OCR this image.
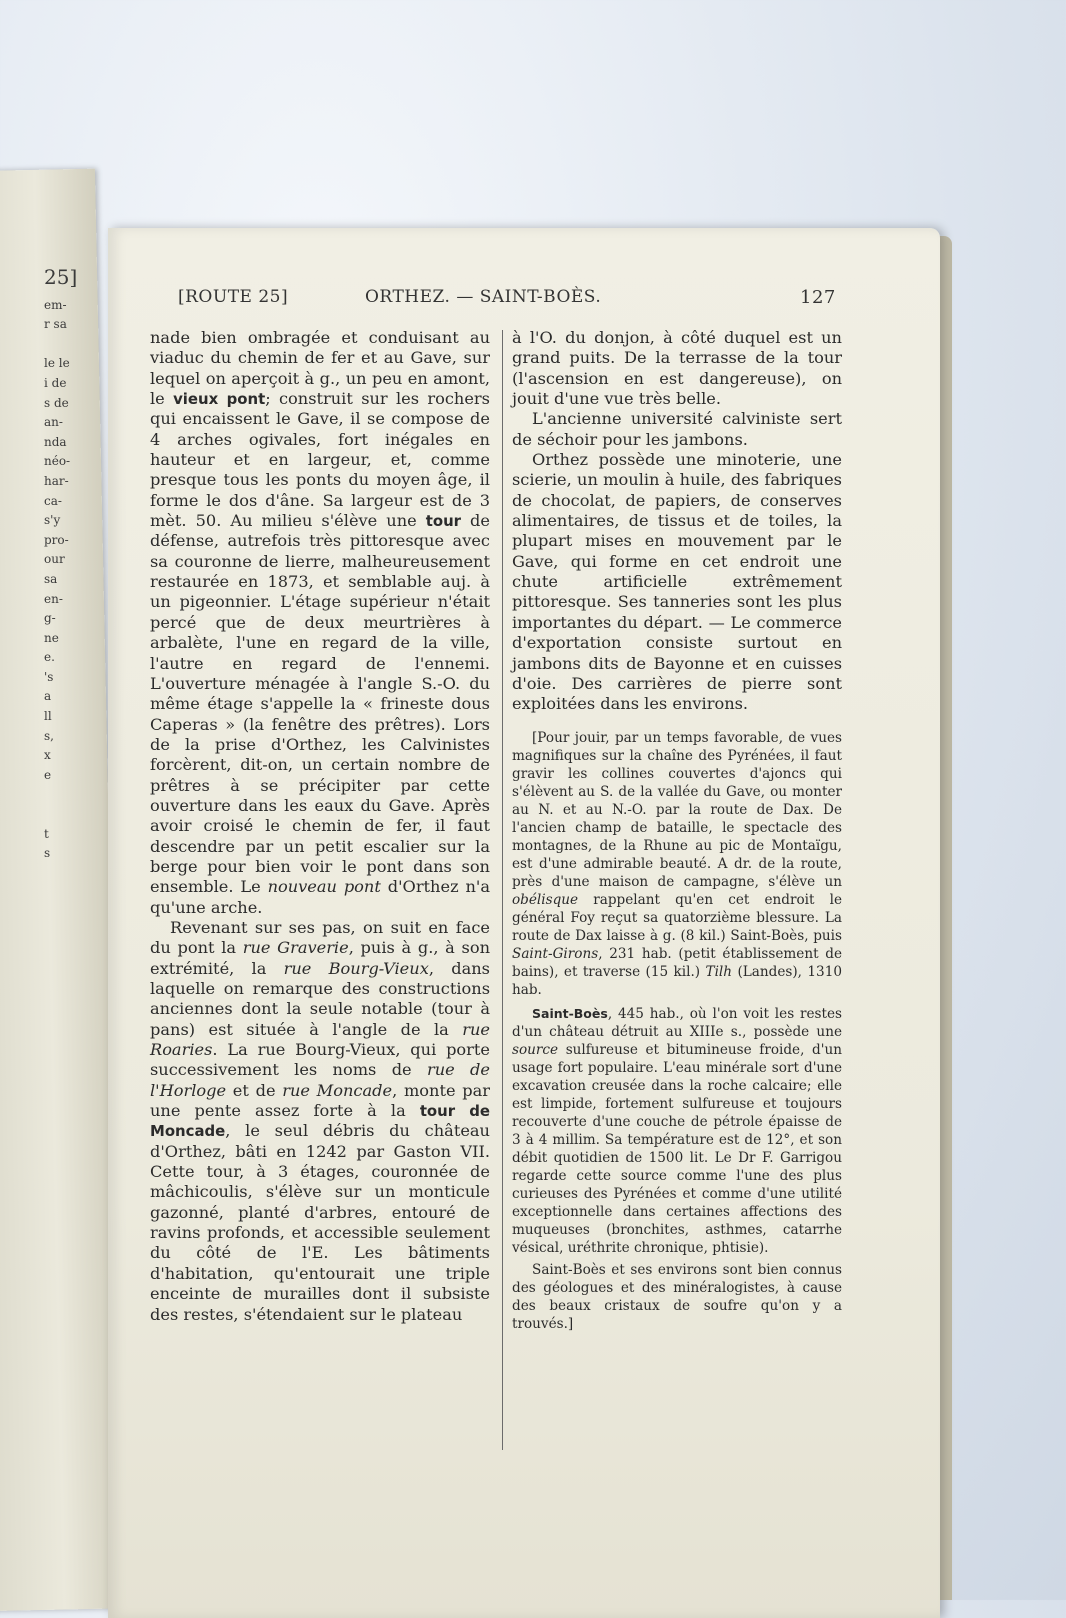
25]
em-
r sa

le le
i de
s de
an-
nda
néo-
har-
ca-
s'y
pro-
our
sa
en-
g-
ne
e.
's
a
ll
s,
x
e

t
s
[ROUTE 25]	ORTHEZ. — SAINT-BOÈS.	127

nade bien ombragée et conduisant au viaduc du chemin de fer et au Gave, sur lequel on aperçoit à g., un peu en amont, le vieux pont; construit sur les rochers qui encaissent le Gave, il se compose de 4 arches ogivales, fort inégales en hauteur et en largeur, et, comme presque tous les ponts du moyen âge, il forme le dos d'âne. Sa largeur est de 3 mèt. 50. Au milieu s'élève une tour de défense, autrefois très pittoresque avec sa couronne de lierre, malheureusement restaurée en 1873, et semblable auj. à un pigeonnier. L'étage supérieur n'était percé que de deux meurtrières à arbalète, l'une en regard de la ville, l'autre en regard de l'ennemi. L'ouverture ménagée à l'angle S.-O. du même étage s'appelle la « frineste dous Caperas » (la fenêtre des prêtres). Lors de la prise d'Orthez, les Calvinistes forcèrent, dit-on, un certain nombre de prêtres à se précipiter par cette ouverture dans les eaux du Gave. Après avoir croisé le chemin de fer, il faut descendre par un petit escalier sur la berge pour bien voir le pont dans son ensemble. Le nouveau pont d'Orthez n'a qu'une arche.

Revenant sur ses pas, on suit en face du pont la rue Graverie, puis à g., à son extrémité, la rue Bourg-Vieux, dans laquelle on remarque des constructions anciennes dont la seule notable (tour à pans) est située à l'angle de la rue Roaries. La rue Bourg-Vieux, qui porte successivement les noms de rue de l'Horloge et de rue Moncade, monte par une pente assez forte à la tour de Moncade, le seul débris du château d'Orthez, bâti en 1242 par Gaston VII. Cette tour, à 3 étages, couronnée de mâchicoulis, s'élève sur un monticule gazonné, planté d'arbres, entouré de ravins profonds, et accessible seulement du côté de l'E. Les bâtiments d'habitation, qu'entourait une triple enceinte de murailles dont il subsiste des restes, s'étendaient sur le plateau

à l'O. du donjon, à côté duquel est un grand puits. De la terrasse de la tour (l'ascension en est dangereuse), on jouit d'une vue très belle.

L'ancienne université calviniste sert de séchoir pour les jambons.

Orthez possède une minoterie, une scierie, un moulin à huile, des fabriques de chocolat, de papiers, de conserves alimentaires, de tissus et de toiles, la plupart mises en mouvement par le Gave, qui forme en cet endroit une chute artificielle extrêmement pittoresque. Ses tanneries sont les plus importantes du départ. — Le commerce d'exportation consiste surtout en jambons dits de Bayonne et en cuisses d'oie. Des carrières de pierre sont exploitées dans les environs.

[Pour jouir, par un temps favorable, de vues magnifiques sur la chaîne des Pyrénées, il faut gravir les collines couvertes d'ajoncs qui s'élèvent au S. de la vallée du Gave, ou monter au N. et au N.-O. par la route de Dax. De l'ancien champ de bataille, le spectacle des montagnes, de la Rhune au pic de Montaïgu, est d'une admirable beauté. A dr. de la route, près d'une maison de campagne, s'élève un obélisque rappelant qu'en cet endroit le général Foy reçut sa quatorzième blessure. La route de Dax laisse à g. (8 kil.) Saint-Boès, puis Saint-Girons, 231 hab. (petit établissement de bains), et traverse (15 kil.) Tilh (Landes), 1310 hab.

Saint-Boès, 445 hab., où l'on voit les restes d'un château détruit au XIIIe s., possède une source sulfureuse et bitumineuse froide, d'un usage fort populaire. L'eau minérale sort d'une excavation creusée dans la roche calcaire; elle est limpide, fortement sulfureuse et toujours recouverte d'une couche de pétrole épaisse de 3 à 4 millim. Sa température est de 12°, et son débit quotidien de 1500 lit. Le Dr F. Garrigou regarde cette source comme l'une des plus curieuses des Pyrénées et comme d'une utilité exceptionnelle dans certaines affections des muqueuses (bronchites, asthmes, catarrhe vésical, uréthrite chronique, phtisie).

Saint-Boès et ses environs sont bien connus des géologues et des minéralogistes, à cause des beaux cristaux de soufre qu'on y a trouvés.]
